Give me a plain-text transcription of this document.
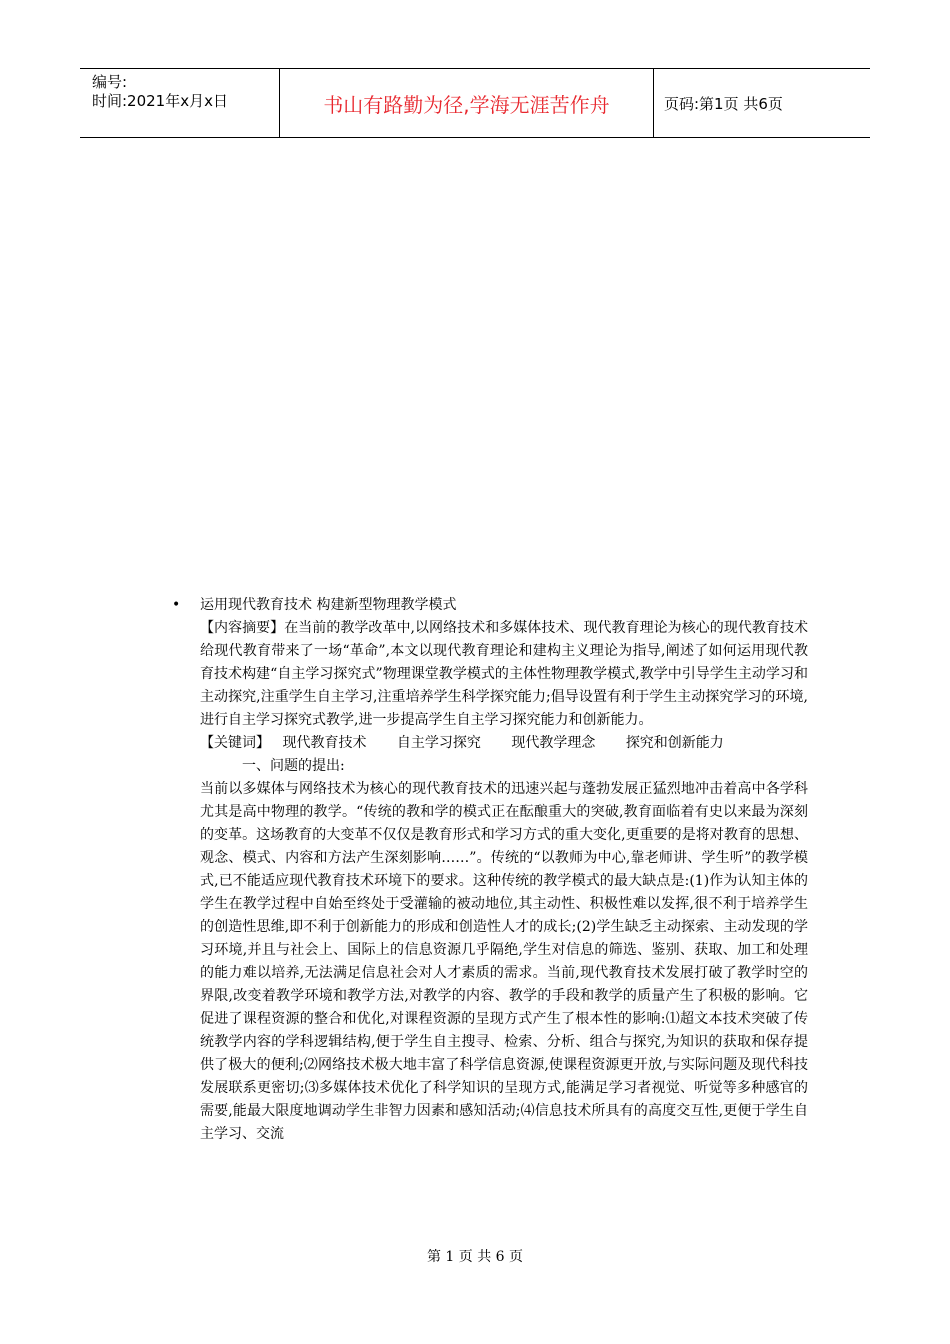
编号:
时间:2021年x月x日	书山有路勤为径,学海无涯苦作舟	页码:第1页 共6页
• 运用现代教育技术 构建新型物理教学模式

【内容摘要】在当前的教学改革中,以网络技术和多媒体技术、现代教育理论为核心的现代教育技术给现代教育带来了一场“革命”,本文以现代教育理论和建构主义理论为指导,阐述了如何运用现代教育技术构建“自主学习探究式”物理课堂教学模式的主体性物理教学模式,教学中引导学生主动学习和主动探究,注重学生自主学习,注重培养学生科学探究能力;倡导设置有利于学生主动探究学习的环境,进行自主学习探究式教学,进一步提高学生自主学习探究能力和创新能力。

【关键词】 现代教育技术 自主学习探究 现代教学理念 探究和创新能力
一、问题的提出:

当前以多媒体与网络技术为核心的现代教育技术的迅速兴起与蓬勃发展正猛烈地冲击着高中各学科尤其是高中物理的教学。“传统的教和学的模式正在酝酿重大的突破,教育面临着有史以来最为深刻的变革。这场教育的大变革不仅仅是教育形式和学习方式的重大变化,更重要的是将对教育的思想、观念、模式、内容和方法产生深刻影响……”。传统的“以教师为中心,靠老师讲、学生听”的教学模式,已不能适应现代教育技术环境下的要求。这种传统的教学模式的最大缺点是:(1)作为认知主体的学生在教学过程中自始至终处于受灌输的被动地位,其主动性、积极性难以发挥,很不利于培养学生的创造性思维,即不利于创新能力的形成和创造性人才的成长;(2)学生缺乏主动探索、主动发现的学习环境,并且与社会上、国际上的信息资源几乎隔绝,学生对信息的筛选、鉴别、获取、加工和处理的能力难以培养,无法满足信息社会对人才素质的需求。当前,现代教育技术发展打破了教学时空的界限,改变着教学环境和教学方法,对教学的内容、教学的手段和教学的质量产生了积极的影响。它促进了课程资源的整合和优化,对课程资源的呈现方式产生了根本性的影响:⑴超文本技术突破了传统教学内容的学科逻辑结构,便于学生自主搜寻、检索、分析、组合与探究,为知识的获取和保存提供了极大的便利;⑵网络技术极大地丰富了科学信息资源,使课程资源更开放,与实际问题及现代科技发展联系更密切;⑶多媒体技术优化了科学知识的呈现方式,能满足学习者视觉、听觉等多种感官的需要,能最大限度地调动学生非智力因素和感知活动;⑷信息技术所具有的高度交互性,更便于学生自主学习、交流

第 1 页 共 6 页
